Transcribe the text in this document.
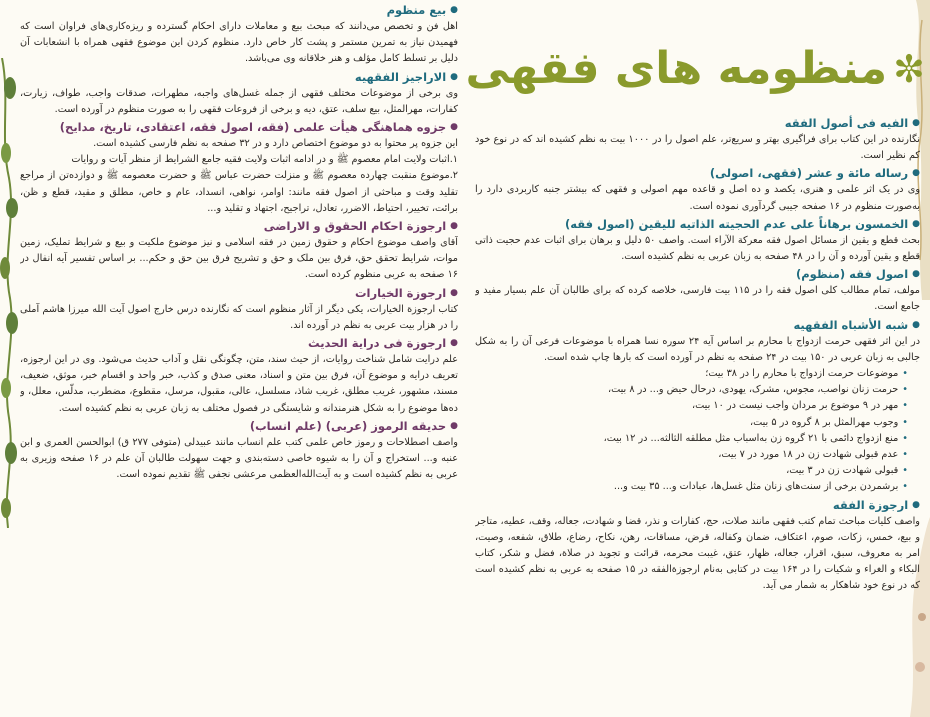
✼
منظومه های فقهی
●
الفیه فی أصول الفقه

نگارنده در این کتاب برای فراگیری بهتر و سریع‌تر، علم اصول را در ۱۰۰۰ بیت به نظم کشیده اند که در نوع خود کم نظیر است.

●
رساله مائة و عشر (فقهی، اصولی)

وی در یک اثر علمی و هنری، یکصد و ده اصل و قاعده مهم اصولی و فقهی که بیشتر جنبه کاربردی دارد را به‌صورت منظوم در ۱۶ صفحه جیبی گردآوری نموده است.

●
الخمسون برهاناً علی عدم الحجیته الذاتیه للیقین (اصول فقه)

بحث قطع و یقین از مسائل اصول فقه معرکة الآراء است. واصف ۵۰ دلیل و برهان برای اثبات عدم حجیت ذاتی قطع و یقین آورده و آن را در ۴۸ صفحه به زبان عربی به نظم کشیده است.

●
اصول فقه (منظوم)

مولف، تمام مطالب کلی اصول فقه را در ۱۱۵ بیت فارسی، خلاصه کرده که برای طالبان آن علم بسیار مفید و جامع است.

●
شبه الأشباه الفقهیه

در این اثر فقهی حرمت ازدواج با محارم بر اساس آیه ۲۴ سوره نسا همراه با موضوعات فرعی آن را به شکل جالبی به زبان عربی در ۱۵۰ بیت در ۲۴ صفحه به نظم در آورده است که بارها چاپ شده است.

• موضوعات حرمت ازدواج با محارم را در ۳۸ بیت؛
• حرمت زنان نواصب، مجوس، مشرک، یهودی، درحال حیض و... در ۸ بیت،
• مهر در ۹ موضوع بر مردان واجب نیست در ۱۰ بیت،
• وجوب مهرالمثل بر ۸ گروه در ۵ بیت،
• منع ازدواج دائمی با ۲۱ گروه زن به‌اسباب مثل مطلقه الثالثه... در ۱۲ بیت،
• عدم قبولی شهادت زن در ۱۸ مورد در ۷ بیت،
• قبولی شهادت زن در ۳ بیت،
• برشمردن برخی از سنت‌های زنان مثل غسل‌ها، عبادات و... ۳۵ بیت و...
●
ارجوزة الفقه

واصف کلیات مباحث تمام کتب فقهی مانند صلات، حج، کفارات و نذر، قضا و شهادت، جعاله، وقف، عطیه، متاجر و بیع، خمس، زکات، صوم، اعتکاف، ضمان وکفاله، قرض، مساقات، رهن، نکاح، رضاع، طلاق، شفعه، وصیت، امر به معروف، سبق، اقرار، جعاله، ظهار، عتق، غیبت محرمه، قرائت و تجوید در صلاة، فضل و شکر، کتاب البکاء و الغراء و شکیات را در ۱۶۴ بیت در کتابی به‌نام ارجوزةالفقه در ۱۵ صفحه به عربی به نظم کشیده است که در نوع خود شاهکار به شمار می آید.

●
بیع منظوم

اهل فن و تخصص می‌دانند که مبحث بیع و معاملات دارای احکام گسترده و ریزه‌کاری‌های فراوان است که فهمیدن نیاز به تمرین مستمر و پشت کار خاص دارد. منظوم کردن این موضوع فقهی همراه با انشعابات آن دلیل بر تسلط کامل مؤلف و هنر خلاقانه وی می‌باشد.

●
الاراجیز الفقهیه

وی برخی از موضوعات مختلف فقهی از جمله غسل‌های واجبه، مطهرات، صدقات واجب، طواف، زیارت، کفارات، مهرالمثل، بیع سلف، عتق، دیه و برخی از فروعات فقهی را به صورت منظوم در آورده است.

●
جزوه هماهنگی هیأت علمی (فقه، اصول فقه، اعتقادی، تاریخ، مدایح)

این جزوه پر محتوا به دو موضوع اختصاص دارد و در ۳۲ صفحه به نظم فارسی کشیده است.

۱.اثبات ولایت امام معصوم ﷺ و در ادامه اثبات ولایت فقیه جامع الشرایط از منظر آیات و روایات

۲.موضوع منقبت چهارده معصوم ﷺ و منزلت حضرت عباس ﷺ و حضرت معصومه ﷺ و دوازده‌تن از مراجع تقلید وقت و مباحثی از اصول فقه مانند: اوامر، نواهی، انسداد، عام و خاص، مطلق و مقید، قطع و ظن، برائت، تخییر، احتیاط، الاضرر، تعادل، تراجیح، اجتهاد و تقلید و...

●
ارجوزة احکام الحقوق و الاراضی

آقای واصف موضوع احکام و حقوق زمین در فقه اسلامی و نیز موضوع ملکیت و بیع و شرایط تملیک، زمین موات، شرایط تحقق حق، فرق بین ملک و حق و تشریح فرق بین حق و حکم... بر اساس تفسیر آیه انفال در ۱۶ صفحه به عربی منظوم کرده است.

●
ارجوزة الخیارات

کتاب ارجوزة الخیارات، یکی دیگر از آثار منظوم است که نگارنده درس خارج اصول آیت الله میرزا هاشم آملی را در هزار بیت عربی به نظم در آورده اند.

●
ارجوزة فی درایة الحدیث

علم درایت شامل شناخت روایات، از حیث سند، متن، چگونگی نقل و آداب حدیث می‌شود. وی در این ارجوزه، تعریف درایه و موضوع آن، فرق بین متن و اسناد، معنی صدق و کذب، خبر واحد و اقسام خبر، موثق، ضعیف، مسند، مشهور، غریب مطلق، غریب شاذ، مسلسل، عالی، مقبول، مرسل، مقطوع، مضطرب، مدلّس، معلل، و ده‌ها موضوع را به شکل هنرمندانه و شایستگی در فصول مختلف به زبان عربی به نظم کشیده است.

●
حدیقه الرموز (عربی) (علم انساب)

واصف اصطلاحات و رموز خاص علمی کتب علم انساب مانند عبیدلی (متوفی ۲۷۷ ق) ابوالحسن العمری و ابن عنبه و... استخراج و آن را به شیوه خاصی دسته‌بندی و جهت سهولت طالبان آن علم در ۱۶ صفحه وزیری به عربی به نظم کشیده است و به آیت‌الله‌العظمی مرعشی نجفی ﷺ تقدیم نموده است.
